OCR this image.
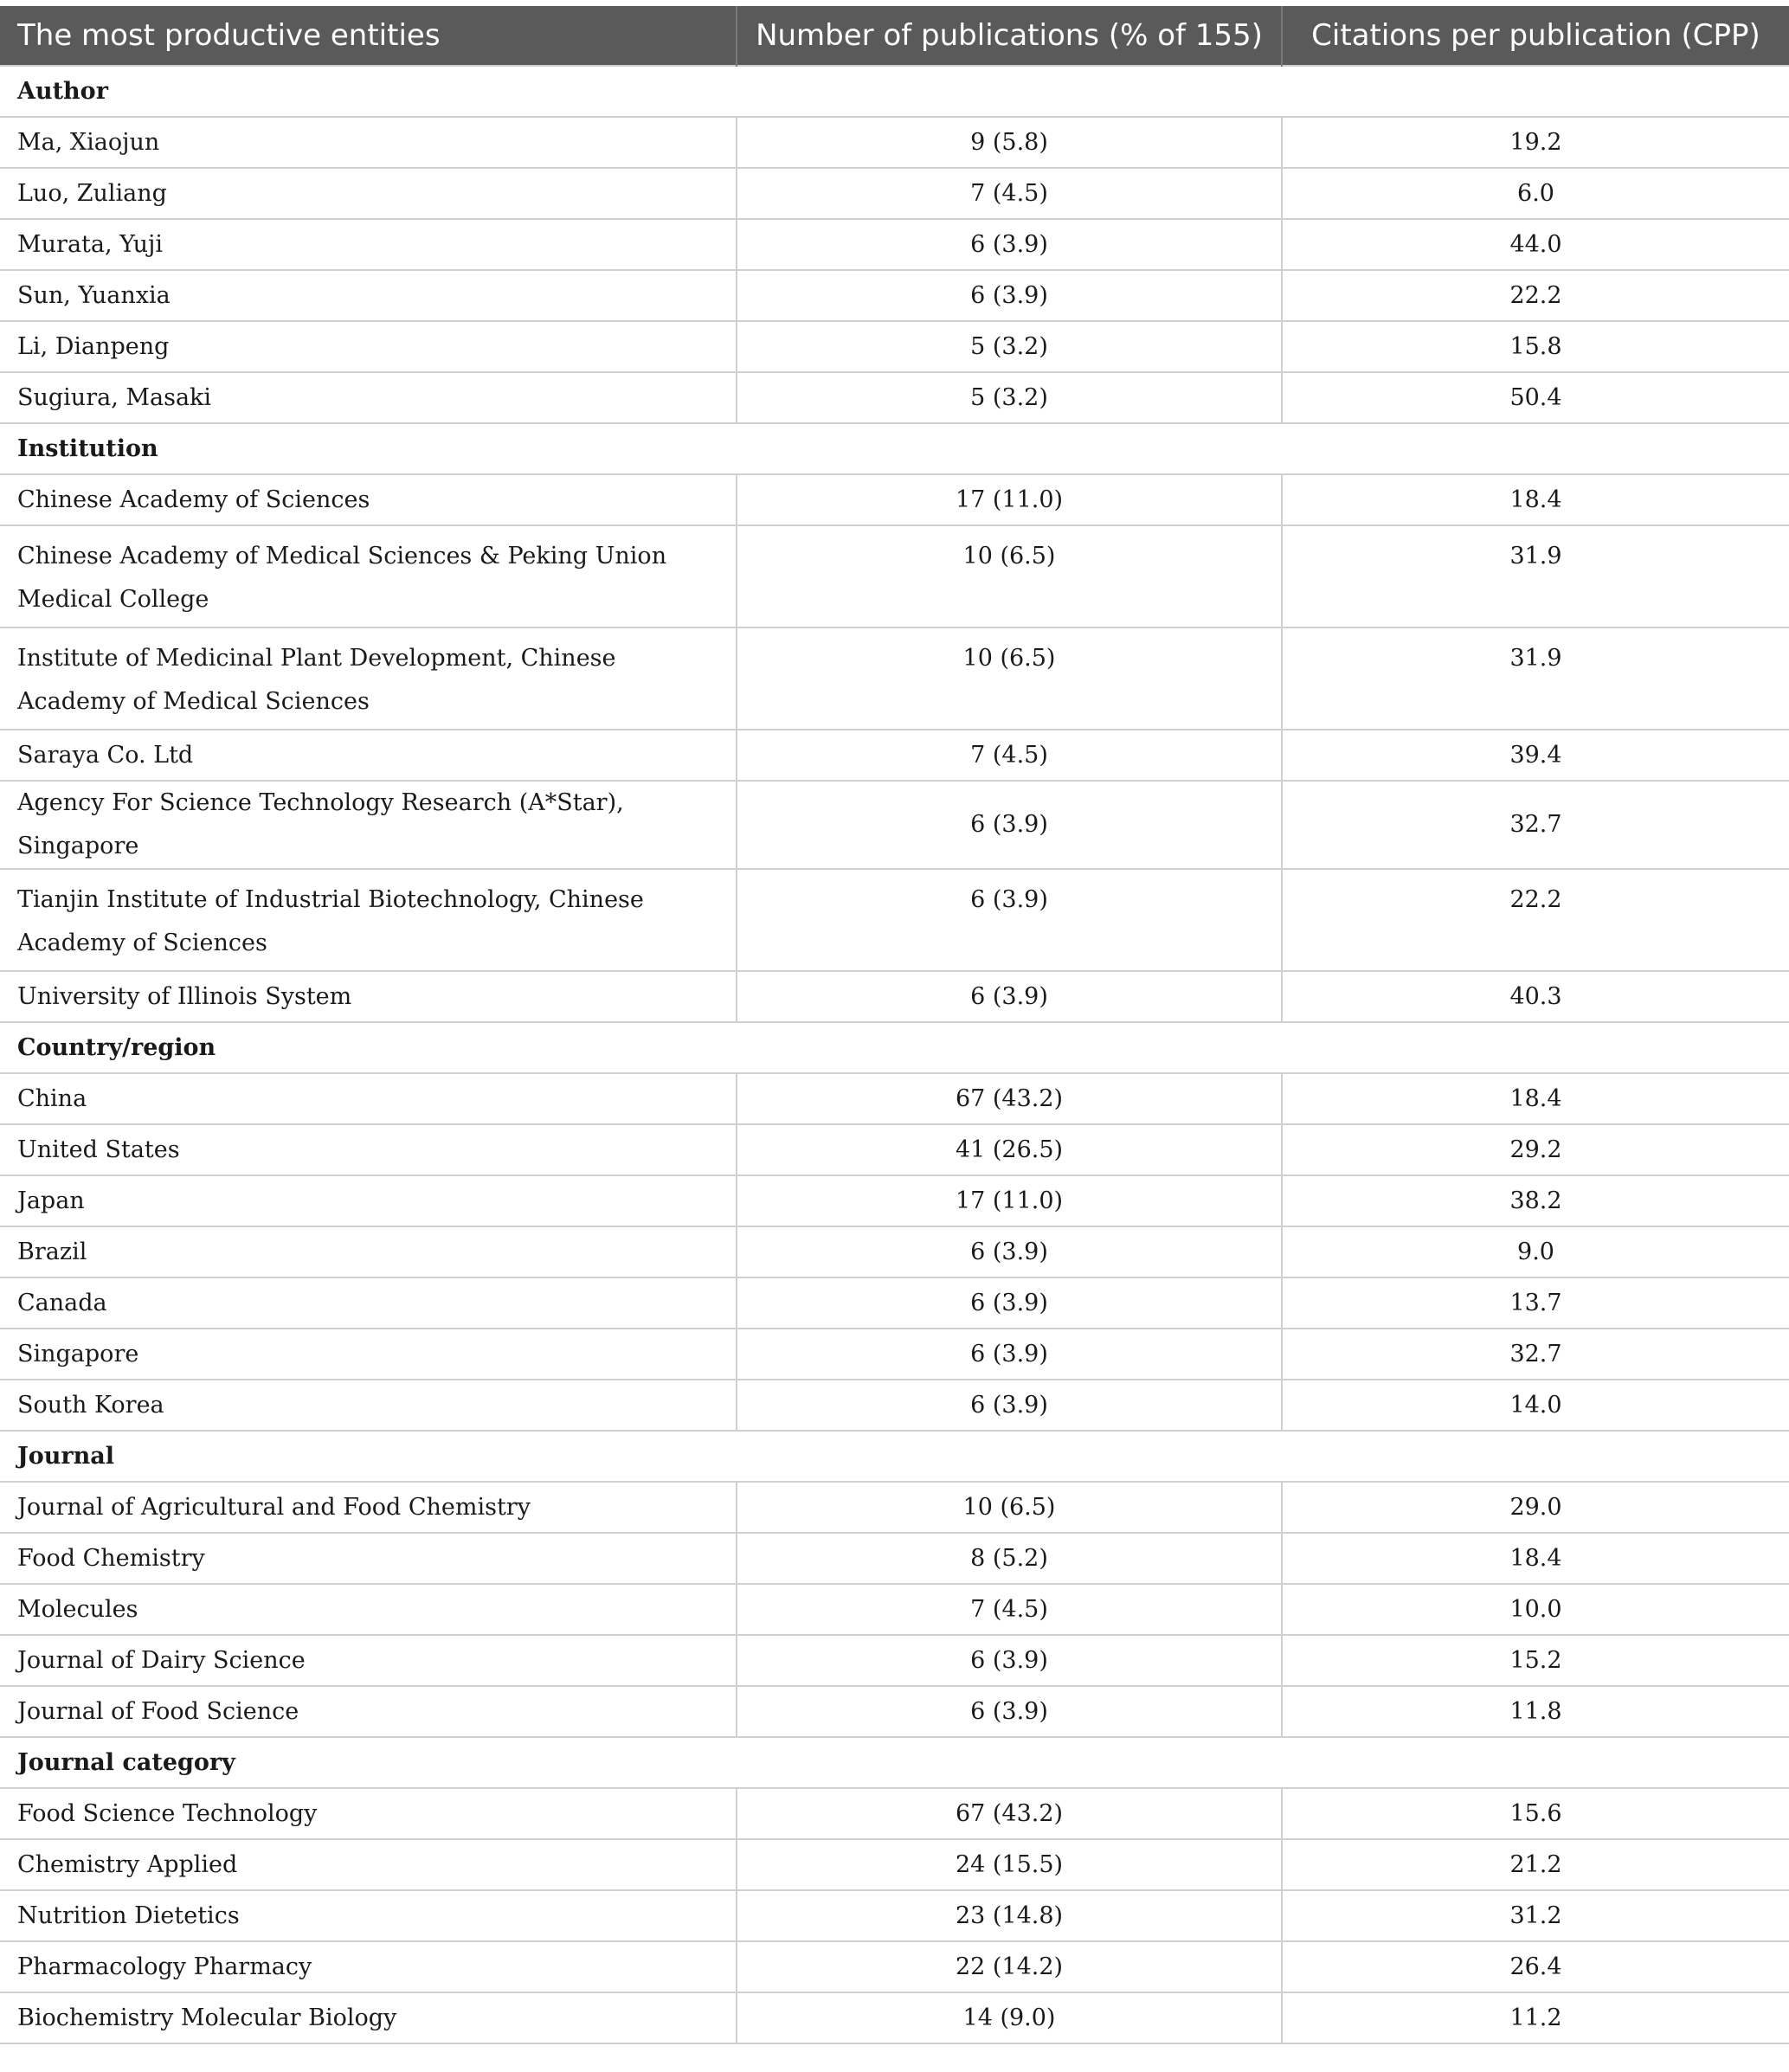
The most productive entities	Number of publications (% of 155)	Citations per publication (CPP)
Author		
Ma, Xiaojun	9 (5.8)	19.2
Luo, Zuliang	7 (4.5)	6.0
Murata, Yuji	6 (3.9)	44.0
Sun, Yuanxia	6 (3.9)	22.2
Li, Dianpeng	5 (3.2)	15.8
Sugiura, Masaki	5 (3.2)	50.4
Institution		
Chinese Academy of Sciences	17 (11.0)	18.4
Chinese Academy of Medical Sciences & Peking Union Medical College	10 (6.5)	31.9
Institute of Medicinal Plant Development, Chinese Academy of Medical Sciences	10 (6.5)	31.9
Saraya Co. Ltd	7 (4.5)	39.4
Agency For Science Technology Research (A*Star), Singapore	6 (3.9)	32.7
Tianjin Institute of Industrial Biotechnology, Chinese Academy of Sciences	6 (3.9)	22.2
University of Illinois System	6 (3.9)	40.3
Country/region		
China	67 (43.2)	18.4
United States	41 (26.5)	29.2
Japan	17 (11.0)	38.2
Brazil	6 (3.9)	9.0
Canada	6 (3.9)	13.7
Singapore	6 (3.9)	32.7
South Korea	6 (3.9)	14.0
Journal		
Journal of Agricultural and Food Chemistry	10 (6.5)	29.0
Food Chemistry	8 (5.2)	18.4
Molecules	7 (4.5)	10.0
Journal of Dairy Science	6 (3.9)	15.2
Journal of Food Science	6 (3.9)	11.8
Journal category		
Food Science Technology	67 (43.2)	15.6
Chemistry Applied	24 (15.5)	21.2
Nutrition Dietetics	23 (14.8)	31.2
Pharmacology Pharmacy	22 (14.2)	26.4
Biochemistry Molecular Biology	14 (9.0)	11.2
